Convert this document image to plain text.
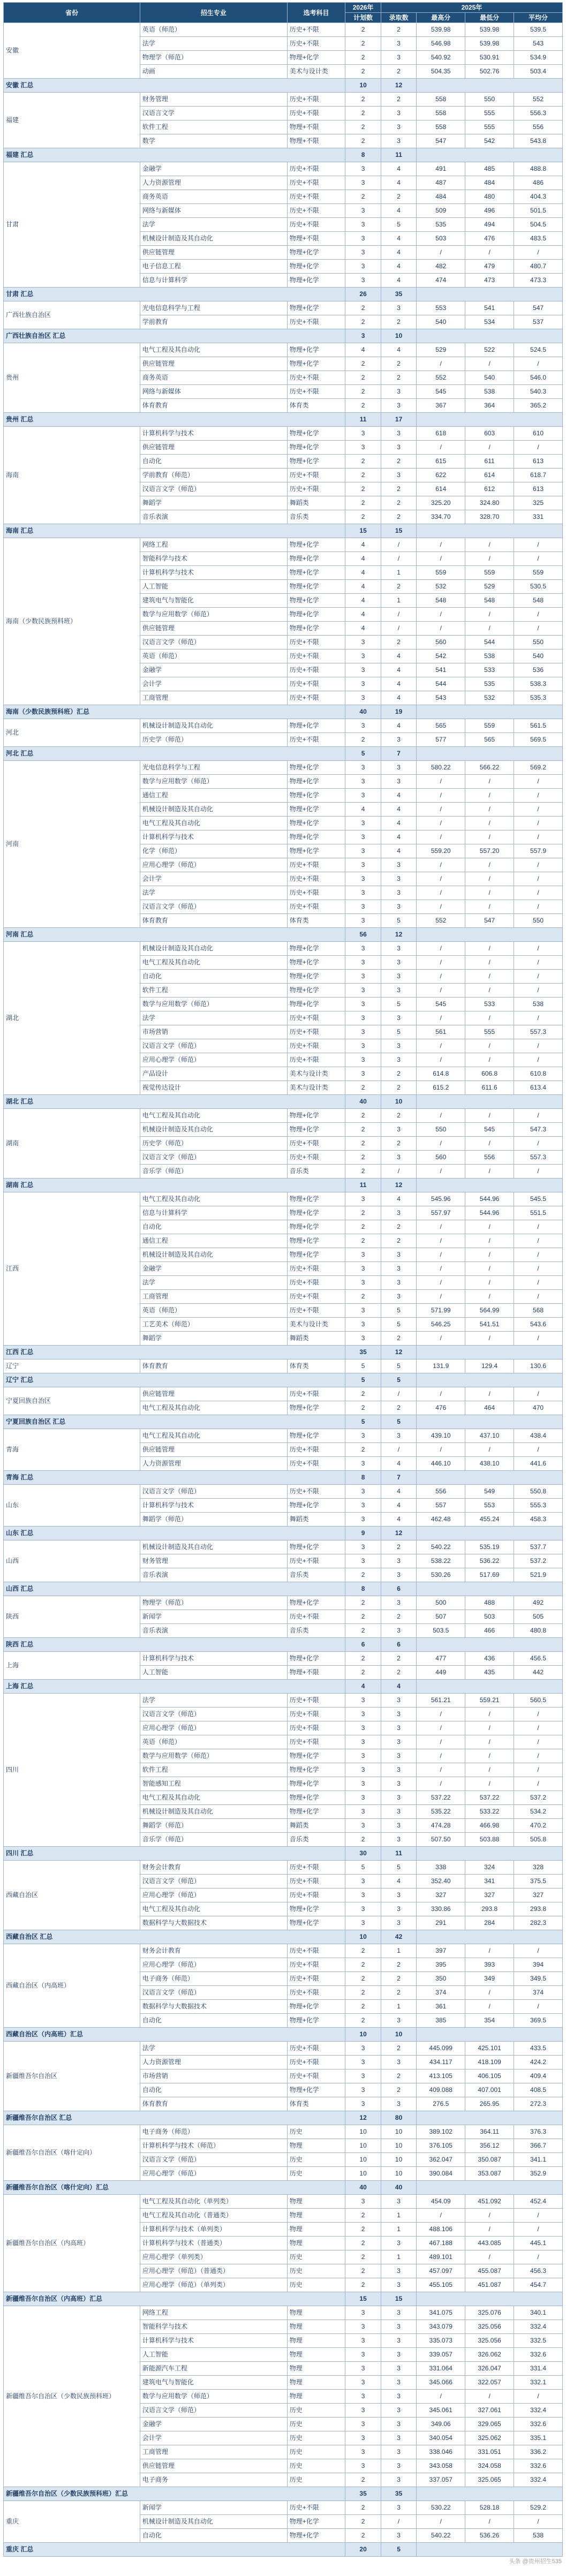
省份	招生专业	选考科目	2026年	2025年			
			计划数	录取数	最高分	最低分	平均分
安徽	英语（师范）	历史+不限	2	2	539.98	539.98	539.5
	法学	历史+不限	2	3	546.98	539.98	543
	物理学（师范）	物理+化学	2	3	540.92	530.91	534.9
	动画	美术与设计类	2	2	504.35	502.76	503.4
安徽 汇总			10	12			
福建	财务管理	历史+不限	2	2	558	550	552
	汉语言文学	历史+不限	2	3	558	555	556.3
	软件工程	物理+不限	2	3	558	555	556
	数学	物理+不限	2	3	547	542	543.8
福建 汇总			8	11			
甘肃	金融学	历史+不限	3	4	491	485	488.8
	人力资源管理	历史+不限	3	4	487	484	486
	商务英语	历史+不限	2	2	484	480	404.3
	网络与新媒体	历史+不限	3	4	509	496	501.5
	法学	历史+不限	3	5	535	494	504.5
	机械设计制造及其自动化	物理+不限	3	4	503	476	483.5
	供应链管理	物理+化学	3	4	/	/	/
	电子信息工程	物理+化学	3	4	482	479	480.7
	信息与计算科学	物理+化学	3	4	474	473	473.3
甘肃 汇总			26	35			
广西壮族自治区	光电信息科学与工程	物理+化学	2	3	553	541	547
	学前教育	历史+不限	2	2	540	534	537
广西壮族自治区 汇总			3	10			
贵州	电气工程及其自动化	物理+化学	4	4	529	522	524.5
	供应链管理	物理+化学	2	2	/	/	/
	商务英语	历史+不限	2	2	552	540	546.0
	网络与新媒体	历史+不限	2	3	545	538	540.3
	体育教育	体育类	2	3	367	364	365.2
贵州 汇总			11	17			
海南	计算机科学与技术	物理+化学	3	3	618	603	610
	供应链管理	物理+化学	3	3	/	/	/
	自动化	物理+化学	2	2	615	611	613
	学前教育（师范）	历史+不限	2	3	622	614	618.7
	汉语言文学（师范）	历史+不限	2	2	614	612	613
	舞蹈学	舞蹈类	2	2	325.20	324.80	325
	音乐表演	音乐类	2	2	334.70	328.70	331
海南 汇总			15	15			
海南（少数民族预科班）	网络工程	物理+化学	4	/	/	/	/
	智能科学与技术	物理+化学	4	/	/	/	/
	计算机科学与技术	物理+化学	4	1	559	559	559
	人工智能	物理+化学	4	2	532	529	530.5
	建筑电气与智能化	物理+化学	4	1	548	548	548
	数学与应用数学（师范）	物理+化学	4	/	/	/	/
	供应链管理	物理+化学	4	/	/	/	/
	汉语言文学（师范）	历史+不限	3	2	560	544	550
	英语（师范）	历史+不限	3	4	542	538	540
	金融学	历史+不限	3	4	541	533	536
	会计学	历史+不限	3	4	544	535	538.3
	工商管理	历史+不限	3	4	543	532	535.3
海南（少数民族预科班）汇总			40	19			
河北	机械设计制造及其自动化	物理+化学	3	4	565	559	561.5
	历史学（师范）	历史+不限	2	3	577	565	569.5
河北 汇总			5	7			
河南	光电信息科学与工程	物理+化学	3	3	580.22	566.22	569.2
	数学与应用数学（师范）	物理+化学	3	3	/	/	/
	通信工程	物理+化学	3	4	/	/	/
	机械设计制造及其自动化	物理+化学	4	4	/	/	/
	电气工程及其自动化	物理+化学	3	4	/	/	/
	计算机科学与技术	物理+化学	3	4	/	/	/
	化学（师范）	物理+化学	3	4	559.20	557.20	557.9
	应用心理学（师范）	历史+不限	3	3	/	/	/
	会计学	历史+不限	3	3	/	/	/
	法学	历史+不限	3	3	/	/	/
	汉语言文学（师范）	历史+不限	3	3	/	/	/
	体育教育	体育类	3	5	552	547	550
河南 汇总			56	12			
湖北	机械设计制造及其自动化	物理+化学	3	3	/	/	/
	电气工程及其自动化	物理+化学	3	3	/	/	/
	自动化	物理+化学	3	3	/	/	/
	软件工程	物理+化学	3	3	/	/	/
	数学与应用数学（师范）	物理+化学	3	5	545	533	538
	法学	历史+不限	3	3	/	/	/
	市场营销	历史+不限	3	5	561	555	557.3
	汉语言文学（师范）	历史+不限	3	3	/	/	/
	应用心理学（师范）	历史+不限	3	3	/	/	/
	产品设计	美术与设计类	3	2	614.8	606.8	610.8
	视觉传达设计	美术与设计类	2	2	615.2	611.6	613.4
湖北 汇总			40	10			
湖南	电气工程及其自动化	物理+化学	2	2	/	/	/
	机械设计制造及其自动化	物理+化学	2	3	550	545	547.3
	历史学（师范）	历史+不限	2	2	/	/	/
	汉语言文学（师范）	历史+不限	2	3	560	556	557.3
	音乐学（师范）	音乐类	2	/	/	/	/
湖南 汇总			11	12			
江西	电气工程及其自动化	物理+化学	3	4	545.96	544.96	545.5
	信息与计算科学	物理+化学	2	3	557.97	544.96	551.5
	自动化	物理+化学	2	2	/	/	/
	通信工程	物理+化学	2	2	/	/	/
	机械设计制造及其自动化	物理+化学	3	3	/	/	/
	金融学	历史+不限	3	3	/	/	/
	法学	历史+不限	3	3	/	/	/
	工商管理	历史+不限	2	3	/	/	/
	英语（师范）	历史+不限	3	5	571.99	564.99	568
	工艺美术（师范）	美术与设计类	3	5	546.25	541.51	543.6
	舞蹈学	舞蹈类	3	2	/	/	/
江西 汇总			35	12			
辽宁	体育教育	体育类	5	5	131.9	129.4	130.6
辽宁 汇总			5	5			
宁夏回族自治区	供应链管理	历史+不限	2	/	/	/	/
	电气工程及其自动化	物理+化学	2	2	476	464	470
宁夏回族自治区 汇总			5	5			
青海	电气工程及其自动化	物理+化学	3	3	439.10	437.10	438.4
	供应链管理	历史+不限	2	/	/	/	/
	人力资源管理	历史+不限	3	4	446.10	438.10	441.6
青海 汇总			8	7			
山东	汉语言文学（师范）	历史+不限	3	4	556	549	550.8
	计算机科学与技术	物理+化学	3	4	557	553	555.3
	舞蹈学（师范）	舞蹈类	3	4	462.48	455.24	458.3
山东 汇总			9	12			
山西	机械设计制造及其自动化	物理+化学	3	2	540.22	535.19	537.7
	财务管理	历史+不限	3	3	538.22	536.22	537.2
	音乐表演	音乐类	2	3	530.26	517.69	521.9
山西 汇总			8	6			
陕西	物理学（师范）	物理+化学	2	3	500	488	492
	新闻学	历史+不限	2	2	507	503	505
	音乐表演	音乐类	2	3	503.5	466	480.8
陕西 汇总			6	6			
上海	计算机科学与技术	物理+化学	2	2	477	436	456.5
	人工智能	物理+不限	2	2	449	435	442
上海 汇总			4	4			
四川	法学	历史+不限	3	3	561.21	559.21	560.5
	汉语言文学（师范）	历史+不限	3	3	/	/	/
	应用心理学（师范）	历史+不限	3	3	/	/	/
	英语（师范）	历史+不限	3	3	/	/	/
	数学与应用数学（师范）	物理+化学	3	3	/	/	/
	软件工程	物理+化学	3	3	/	/	/
	智能感知工程	物理+化学	3	3	/	/	/
	电气工程及其自动化	物理+化学	3	3	537.22	537.22	537.2
	机械设计制造及其自动化	物理+化学	3	3	535.22	533.22	534.2
	舞蹈学（师范）	舞蹈类	3	3	474.28	466.98	470.2
	音乐学（师范）	音乐类	2	3	507.50	503.88	505.8
四川 汇总			30	11			
西藏自治区	财务会计教育	历史+不限	5	5	338	324	328
	汉语言文学（师范）	历史+不限	3	4	352.40	341	375.5
	应用心理学（师范）	历史+不限	3	3	327	327	327
	电气工程及其自动化	物理+化学	3	3	330.86	293.8	293.8
	数据科学与大数据技术	物理+化学	3	3	291	284	282.3
西藏自治区 汇总			10	42			
西藏自治区（内高班）	财务会计教育	历史+不限	2	1	397	/	/
	应用心理学（师范）	历史+不限	2	2	395	393	394
	电子商务（师范）	历史+不限	2	2	350	349	349.5
	汉语言文学（师范）	历史+不限	2	2	374	/	374
	数据科学与大数据技术	物理+化学	2	1	361	/	/
	自动化	物理+化学	2	3	385	354	369.5
西藏自治区（内高班）汇总			10	10			
新疆维吾尔自治区	法学	历史+不限	3	2	445.099	425.101	433.5
	人力资源管理	历史+不限	3	3	434.117	418.109	424.2
	市场营销	历史+不限	3	2	413.105	406.105	409.4
	自动化	物理+化学	3	2	409.088	407.001	408.5
	体育教育	体育类	3	3	276.5	265.95	272.3
新疆维吾尔自治区 汇总			12	80			
新疆维吾尔自治区（喀什定向）	电子商务（师范）	历史	10	10	389.102	364.11	376.3
	计算机科学与技术（师范）	物理	10	10	376.105	356.12	366.7
	汉语言文学（师范）	历史	10	10	362.047	350.087	341.1
	应用心理学（师范）	历史	10	10	390.084	353.087	352.9
新疆维吾尔自治区（喀什定向）汇总			40	40			
新疆维吾尔自治区（内高班）	电气工程及其自动化（单列类）	物理	3	3	454.09	451.092	452.4
	电气工程及其自动化（普通类）	物理	2	1	/	/	/
	计算机科学与技术（单列类）	物理	2	1	488.106	/	/
	计算机科学与技术（普通类）	物理	2	3	467.188	443.085	445.1
	应用心理学（单列类）	历史	2	1	489.101	/	/
	应用心理学（师范）（普通类）	历史	2	3	457.097	455.087	456.3
	应用心理学（师范）（单列类）	历史	2	3	455.105	451.087	454.7
新疆维吾尔自治区（内高班）汇总			15	15			
新疆维吾尔自治区（少数民族预科班）	网络工程	物理	3	3	341.075	325.076	340.1
	智能科学与技术	物理	3	3	343.079	325.056	332.4
	计算机科学与技术	物理	3	3	335.073	325.056	332.5
	人工智能	物理	3	3	339.057	326.062	332.6
	新能源汽车工程	物理	3	3	331.064	326.047	331.4
	建筑电气与智能化	物理	3	3	345.066	322.057	332.1
	数学与应用数学（师范）	物理	3	3	/	/	/
	汉语言文学（师范）	历史	3	3	345.061	327.061	332.4
	金融学	历史	3	3	349.06	329.065	332.6
	会计学	历史	3	3	340.054	325.062	335.1
	工商管理	历史	3	3	338.046	331.051	336.2
	供应链管理	历史	3	3	343.058	324.058	332.6
	电子商务	历史	2	3	337.057	325.065	332.4
新疆维吾尔自治区（少数民族预科班）汇总			35	35			
重庆	新闻学	历史+不限	2	3	530.22	528.18	529.2
	机械设计制造及其自动化	物理+化学	2	/	/	/	/
	自动化	物理+化学	2	3	540.22	536.26	538
重庆 汇总			20	5			
头条 @贵州招生535
